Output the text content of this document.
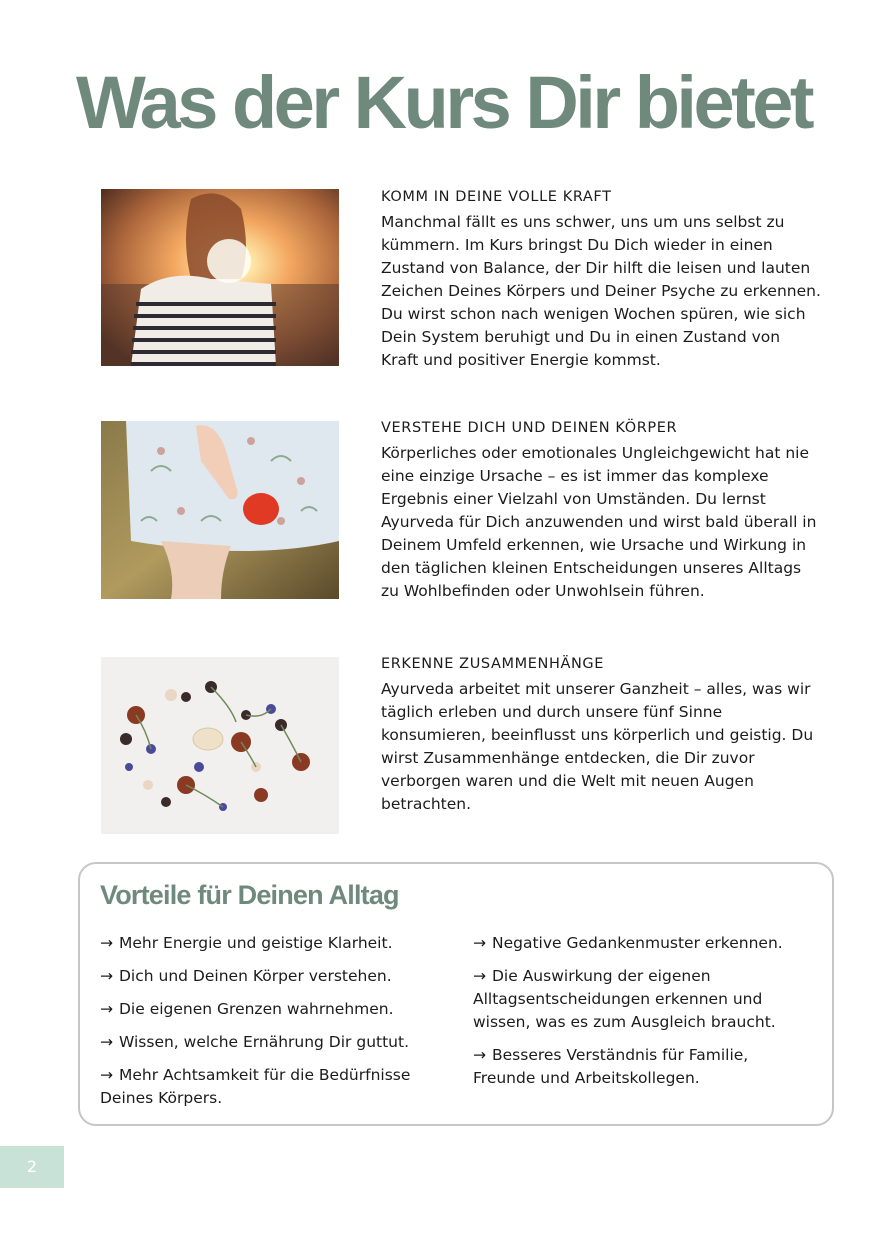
Was der Kurs Dir bietet
KOMM IN DEINE VOLLE KRAFT

Manchmal fällt es uns schwer, uns um uns selbst zu kümmern. Im Kurs bringst Du Dich wieder in einen Zustand von Balance, der Dir hilft die leisen und lauten Zeichen Deines Körpers und Deiner Psyche zu erkennen. Du wirst schon nach wenigen Wochen spüren, wie sich Dein System beruhigt und Du in einen Zustand von Kraft und positiver Energie kommst.

VERSTEHE DICH UND DEINEN KÖRPER

Körperliches oder emotionales Ungleichgewicht hat nie eine einzige Ursache – es ist immer das komplexe Ergebnis einer Vielzahl von Umständen. Du lernst Ayurveda für Dich anzuwenden und wirst bald überall in Deinem Umfeld erkennen, wie Ursache und Wirkung in den täglichen kleinen Entscheidungen unseres Alltags zu Wohlbefinden oder Unwohlsein führen.

ERKENNE ZUSAMMENHÄNGE

Ayurveda arbeitet mit unserer Ganzheit – alles, was wir täglich erleben und durch unsere fünf Sinne konsumieren, beeinflusst uns körperlich und geistig. Du wirst Zusammenhänge entdecken, die Dir zuvor verborgen waren und die Welt mit neuen Augen betrachten.

Vorteile für Deinen Alltag
→ Mehr Energie und geistige Klarheit.
→ Dich und Deinen Körper verstehen.
→ Die eigenen Grenzen wahrnehmen.
→ Wissen, welche Ernährung Dir guttut.
→ Mehr Achtsamkeit für die Bedürfnisse Deines Körpers.
→ Negative Gedankenmuster erkennen.
→ Die Auswirkung der eigenen Alltagsentscheidungen erkennen und wissen, was es zum Ausgleich braucht.
→ Besseres Verständnis für Familie, Freunde und Arbeitskollegen.
2
